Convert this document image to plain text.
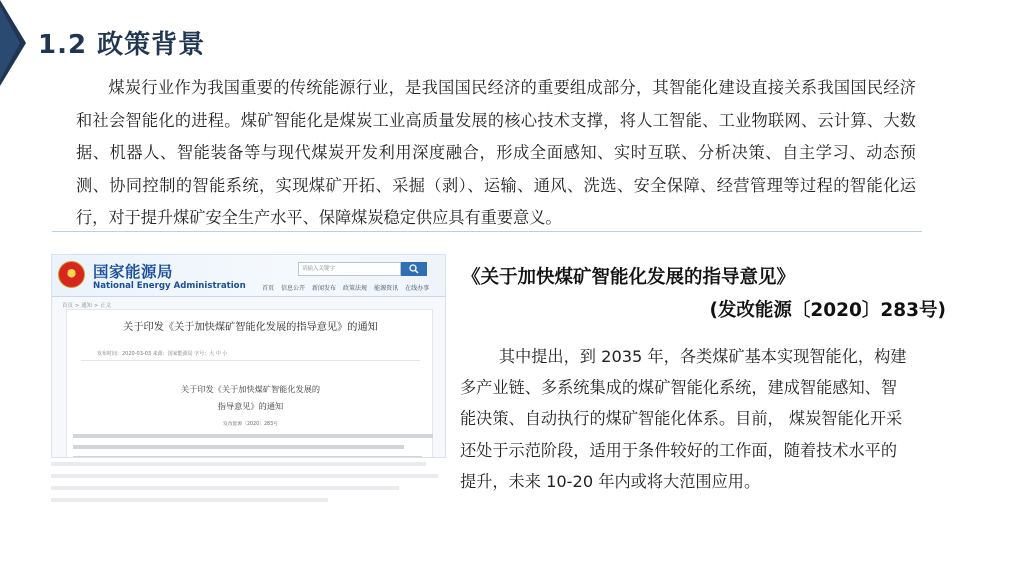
1.2 政策背景

煤炭行业作为我国重要的传统能源行业，是我国国民经济的重要组成部分，其智能化建设直接关系我国国民经济和社会智能化的进程。煤矿智能化是煤炭工业高质量发展的核心技术支撑，将人工智能、工业物联网、云计算、大数据、机器人、智能装备等与现代煤炭开发利用深度融合，形成全面感知、实时互联、分析决策、自主学习、动态预测、协同控制的智能系统，实现煤矿开拓、采掘（剥）、运输、通风、洗选、安全保障、经营管理等过程的智能化运行，对于提升煤矿安全生产水平、保障煤炭稳定供应具有重要意义。

国家能源局
National Energy Administration
请输入关键字
首页 信息公开 新闻发布 政策法规 能源资讯 在线办事
首页 > 通知 > 正文
关于印发《关于加快煤矿智能化发展的指导意见》的通知
发布时间：2020-03-03 来源：国家能源局 字号：大 中 小
关于印发《关于加快煤矿智能化发展的
指导意见》的通知
发改能源〔2020〕283号
《关于加快煤矿智能化发展的指导意见》
(发改能源〔2020〕283号)

其中提出，到 2035 年，各类煤矿基本实现智能化，构建多产业链、多系统集成的煤矿智能化系统，建成智能感知、智能决策、自动执行的煤矿智能化体系。目前， 煤炭智能化开采还处于示范阶段，适用于条件较好的工作面，随着技术水平的提升，未来 10-20 年内或将大范围应用。
